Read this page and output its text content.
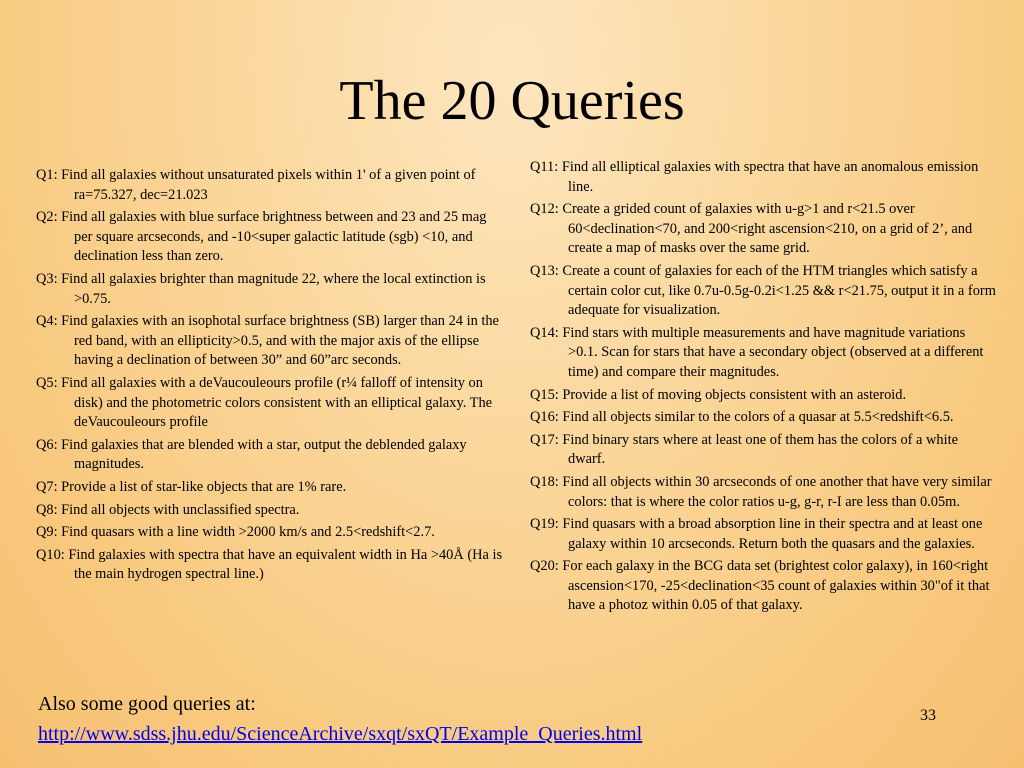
The 20 Queries

Q1: Find all galaxies without unsaturated pixels within 1' of a given point of ra=75.327, dec=21.023

Q2: Find all galaxies with blue surface brightness between and 23 and 25 mag per square arcseconds, and -10<super galactic latitude (sgb) <10, and declination less than zero.

Q3: Find all galaxies brighter than magnitude 22, where the local extinction is >0.75.

Q4: Find galaxies with an isophotal surface brightness (SB) larger than 24 in the red band, with an ellipticity>0.5, and with the major axis of the ellipse having a declination of between 30” and 60”arc seconds.

Q5: Find all galaxies with a deVaucouleours profile (r¼ falloff of intensity on disk) and the photometric colors consistent with an elliptical galaxy. The deVaucouleours profile

Q6: Find galaxies that are blended with a star, output the deblended galaxy magnitudes.

Q7: Provide a list of star-like objects that are 1% rare.

Q8: Find all objects with unclassified spectra.

Q9: Find quasars with a line width >2000 km/s and 2.5<redshift<2.7.

Q10: Find galaxies with spectra that have an equivalent width in Ha >40Å (Ha is the main hydrogen spectral line.)

Q11: Find all elliptical galaxies with spectra that have an anomalous emission line.

Q12: Create a grided count of galaxies with u-g>1 and r<21.5 over 60<declination<70, and 200<right ascension<210, on a grid of 2’, and create a map of masks over the same grid.

Q13: Create a count of galaxies for each of the HTM triangles which satisfy a certain color cut, like 0.7u-0.5g-0.2i<1.25 && r<21.75, output it in a form adequate for visualization.

Q14: Find stars with multiple measurements and have magnitude variations >0.1. Scan for stars that have a secondary object (observed at a different time) and compare their magnitudes.

Q15: Provide a list of moving objects consistent with an asteroid.

Q16: Find all objects similar to the colors of a quasar at 5.5<redshift<6.5.

Q17: Find binary stars where at least one of them has the colors of a white dwarf.

Q18: Find all objects within 30 arcseconds of one another that have very similar colors: that is where the color ratios u-g, g-r, r-I are less than 0.05m.

Q19: Find quasars with a broad absorption line in their spectra and at least one galaxy within 10 arcseconds. Return both the quasars and the galaxies.

Q20: For each galaxy in the BCG data set (brightest color galaxy), in 160<right ascension<170, -25<declination<35 count of galaxies within 30"of it that have a photoz within 0.05 of that galaxy.

Also some good queries at:
http://www.sdss.jhu.edu/ScienceArchive/sxqt/sxQT/Example_Queries.html
33
